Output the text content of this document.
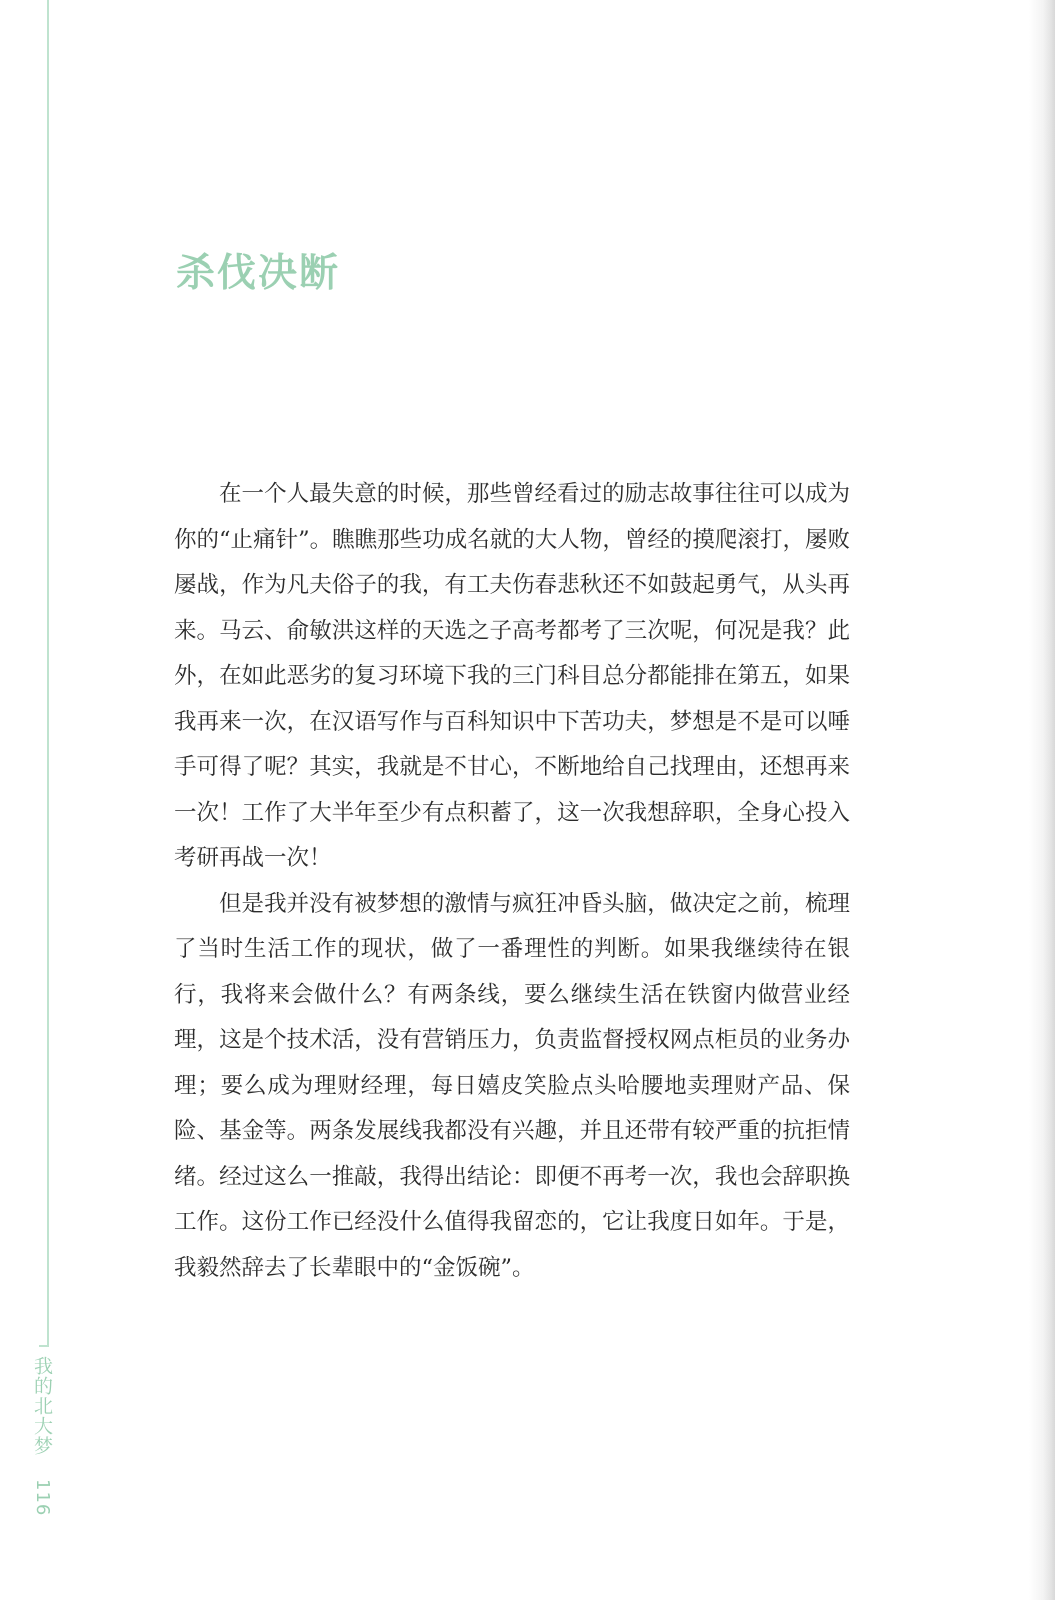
杀伐决断

在一个人最失意的时候，那些曾经看过的励志故事往往可以成为你的“止痛针”。瞧瞧那些功成名就的大人物，曾经的摸爬滚打，屡败屡战，作为凡夫俗子的我，有工夫伤春悲秋还不如鼓起勇气，从头再来。马云、俞敏洪这样的天选之子高考都考了三次呢，何况是我？此外，在如此恶劣的复习环境下我的三门科目总分都能排在第五，如果我再来一次，在汉语写作与百科知识中下苦功夫，梦想是不是可以唾手可得了呢？其实，我就是不甘心，不断地给自己找理由，还想再来一次！工作了大半年至少有点积蓄了，这一次我想辞职，全身心投入考研再战一次！

但是我并没有被梦想的激情与疯狂冲昏头脑，做决定之前，梳理了当时生活工作的现状，做了一番理性的判断。如果我继续待在银行，我将来会做什么？有两条线，要么继续生活在铁窗内做营业经理，这是个技术活，没有营销压力，负责监督授权网点柜员的业务办理；要么成为理财经理，每日嬉皮笑脸点头哈腰地卖理财产品、保险、基金等。两条发展线我都没有兴趣，并且还带有较严重的抗拒情绪。经过这么一推敲，我得出结论：即便不再考一次，我也会辞职换工作。这份工作已经没什么值得我留恋的，它让我度日如年。于是，我毅然辞去了长辈眼中的“金饭碗”。

我的北大梦 116
